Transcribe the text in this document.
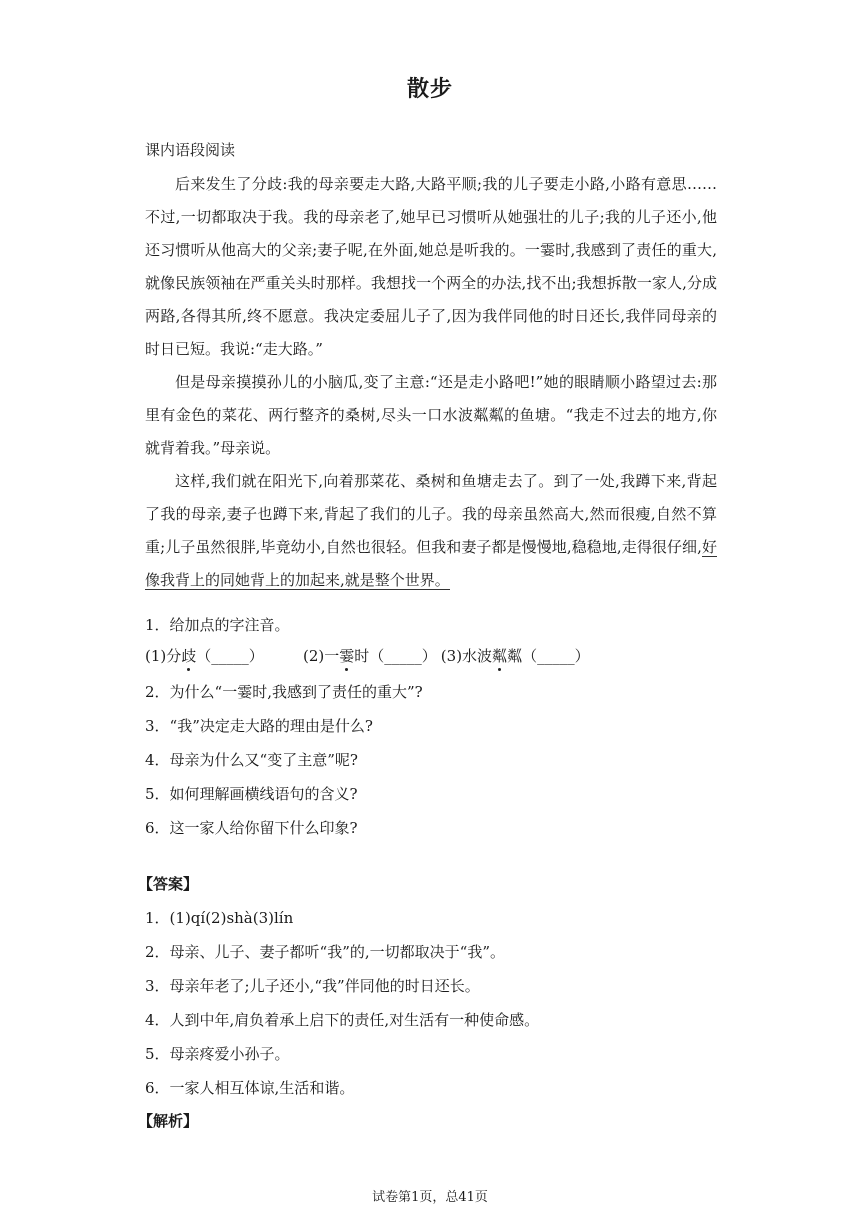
散步
课内语段阅读

后来发生了分歧:我的母亲要走大路,大路平顺;我的儿子要走小路,小路有意思……不过,一切都取决于我。我的母亲老了,她早已习惯听从她强壮的儿子;我的儿子还小,他还习惯听从他高大的父亲;妻子呢,在外面,她总是听我的。一霎时,我感到了责任的重大,就像民族领袖在严重关头时那样。我想找一个两全的办法,找不出;我想拆散一家人,分成两路,各得其所,终不愿意。我决定委屈儿子了,因为我伴同他的时日还长,我伴同母亲的时日已短。我说:“走大路。”

但是母亲摸摸孙儿的小脑瓜,变了主意:“还是走小路吧!”她的眼睛顺小路望过去:那里有金色的菜花、两行整齐的桑树,尽头一口水波粼粼的鱼塘。“我走不过去的地方,你就背着我。”母亲说。

这样,我们就在阳光下,向着那菜花、桑树和鱼塘走去了。到了一处,我蹲下来,背起了我的母亲,妻子也蹲下来,背起了我们的儿子。我的母亲虽然高大,然而很瘦,自然不算重;儿子虽然很胖,毕竟幼小,自然也很轻。但我和妻子都是慢慢地,稳稳地,走得很仔细,好像我背上的同她背上的加起来,就是整个世界。

1．给加点的字注音。
(1)分歧（_____）	(2)一霎时（_____） (3)水波粼粼（_____）
2．为什么“一霎时,我感到了责任的重大”?
3．“我”决定走大路的理由是什么?
4．母亲为什么又“变了主意”呢?
5．如何理解画横线语句的含义?
6．这一家人给你留下什么印象?
【答案】
1．(1)qí(2)shà(3)lín
2．母亲、儿子、妻子都听“我”的,一切都取决于“我”。
3．母亲年老了;儿子还小,“我”伴同他的时日还长。
4．人到中年,肩负着承上启下的责任,对生活有一种使命感。
5．母亲疼爱小孙子。
6．一家人相互体谅,生活和谐。
【解析】
试卷第1页，总41页
